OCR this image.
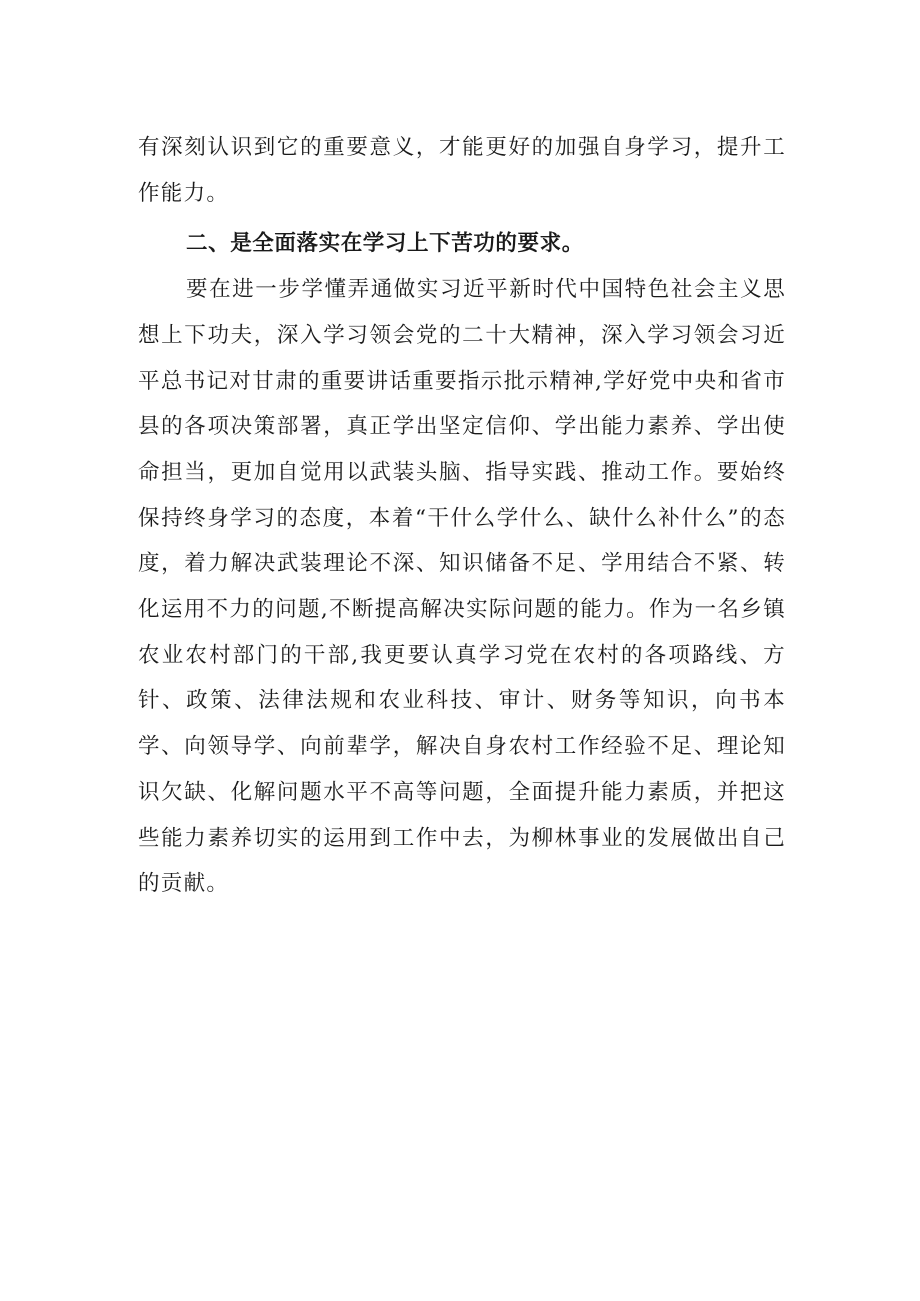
有深刻认识到它的重要意义，才能更好的加强自身学习，提升工作能力。

二、是全面落实在学习上下苦功的要求。

要在进一步学懂弄通做实习近平新时代中国特色社会主义思想上下功夫，深入学习领会党的二十大精神，深入学习领会习近平总书记对甘肃的重要讲话重要指示批示精神,学好党中央和省市县的各项决策部署，真正学出坚定信仰、学出能力素养、学出使命担当，更加自觉用以武装头脑、指导实践、推动工作。要始终保持终身学习的态度，本着“干什么学什么、缺什么补什么”的态度，着力解决武装理论不深、知识储备不足、学用结合不紧、转化运用不力的问题,不断提高解决实际问题的能力。作为一名乡镇农业农村部门的干部,我更要认真学习党在农村的各项路线、方针、政策、法律法规和农业科技、审计、财务等知识，向书本学、向领导学、向前辈学，解决自身农村工作经验不足、理论知识欠缺、化解问题水平不高等问题，全面提升能力素质，并把这些能力素养切实的运用到工作中去，为柳林事业的发展做出自己的贡献。
